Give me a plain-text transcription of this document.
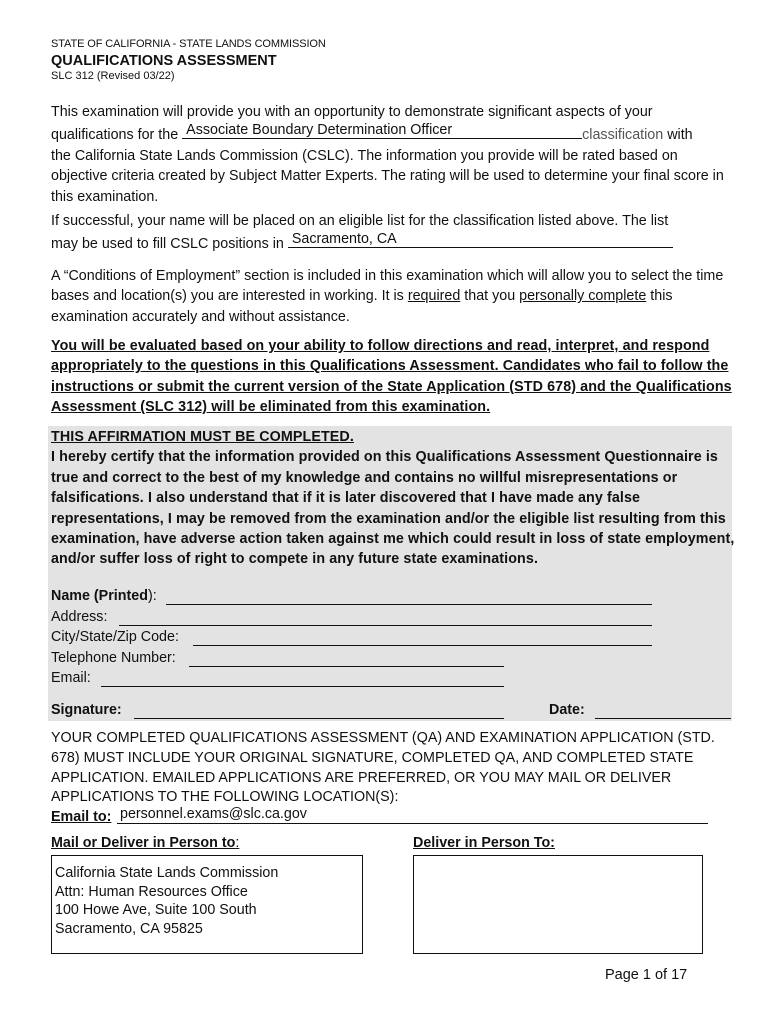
STATE OF CALIFORNIA - STATE LANDS COMMISSION
QUALIFICATIONS ASSESSMENT
SLC 312 (Revised 03/22)
This examination will provide you with an opportunity to demonstrate significant aspects of your
qualifications for the Associate Boundary Determination Officer	classification with
the California State Lands Commission (CSLC). The information you provide will be rated based on objective criteria created by Subject Matter Experts. The rating will be used to determine your final score in this examination.
If successful, your name will be placed on an eligible list for the classification listed above. The list
may be used to fill CSLC positions in Sacramento, CA
A “Conditions of Employment” section is included in this examination which will allow you to select the time bases and location(s) you are interested in working. It is required that you personally complete this examination accurately and without assistance.
You will be evaluated based on your ability to follow directions and read, interpret, and respond appropriately to the questions in this Qualifications Assessment. Candidates who fail to follow the instructions or submit the current version of the State Application (STD 678) and the Qualifications Assessment (SLC 312) will be eliminated from this examination.
THIS AFFIRMATION MUST BE COMPLETED.
I hereby certify that the information provided on this Qualifications Assessment Questionnaire is true and correct to the best of my knowledge and contains no willful misrepresentations or falsifications. I also understand that if it is later discovered that I have made any false representations, I may be removed from the examination and/or the eligible list resulting from this examination, have adverse action taken against me which could result in loss of state employment, and/or suffer loss of right to compete in any future state examinations.
Name (Printed):
Address:
City/State/Zip Code:
Telephone Number:
Email:
Signature:	Date:
YOUR COMPLETED QUALIFICATIONS ASSESSMENT (QA) AND EXAMINATION APPLICATION (STD. 678) MUST INCLUDE YOUR ORIGINAL SIGNATURE, COMPLETED QA, AND COMPLETED STATE APPLICATION. EMAILED APPLICATIONS ARE PREFERRED, OR YOU MAY MAIL OR DELIVER APPLICATIONS TO THE FOLLOWING LOCATION(S):
Email to: personnel.exams@slc.ca.gov
Mail or Deliver in Person to:	Deliver in Person To:
California State Lands Commission
Attn: Human Resources Office
100 Howe Ave, Suite 100 South
Sacramento, CA 95825
Page 1 of 17
